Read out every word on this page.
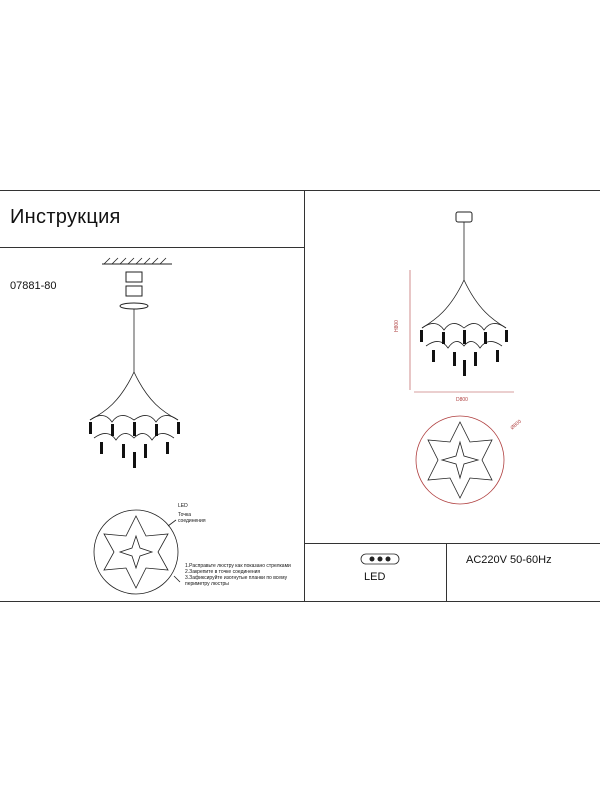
Инструкция
07881-80
LED
Точка соединения
1.Расправьте люстру как показано стрелками
2.Закрепите в точке соединения
3.Зафиксируйте изогнутые планки по всему периметру люстры
H800
D800
Ø800
LED
AC220V 50-60Hz
